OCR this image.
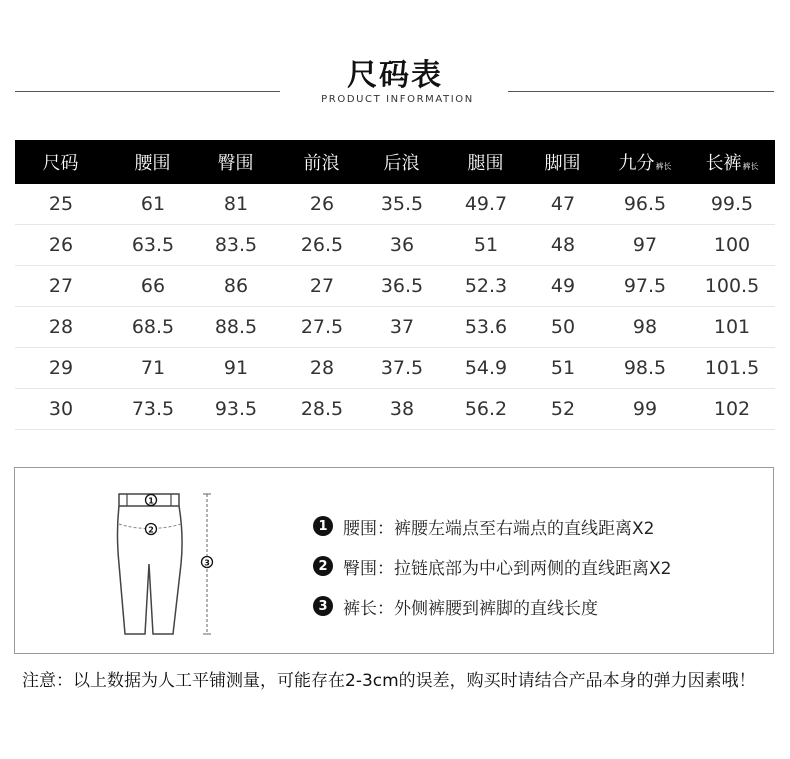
尺码表
PRODUCT INFORMATION
尺码	腰围	臀围	前浪	后浪	腿围	脚围	九分裤长	长裤裤长
25	61	81	26	35.5	49.7	47	96.5	99.5
26	63.5	83.5	26.5	36	51	48	97	100
27	66	86	27	36.5	52.3	49	97.5	100.5
28	68.5	88.5	27.5	37	53.6	50	98	101
29	71	91	28	37.5	54.9	51	98.5	101.5
30	73.5	93.5	28.5	38	56.2	52	99	102
1
2
3
1 腰围 ： 裤腰左端点至右端点的直线距离X2
2 臀围 ： 拉链底部为中心到两侧的直线距离X2
3 裤长 ： 外侧裤腰到裤脚的直线长度
注意：以上数据为人工平铺测量，可能存在2-3cm的误差，购买时请结合产品本身的弹力因素哦！
